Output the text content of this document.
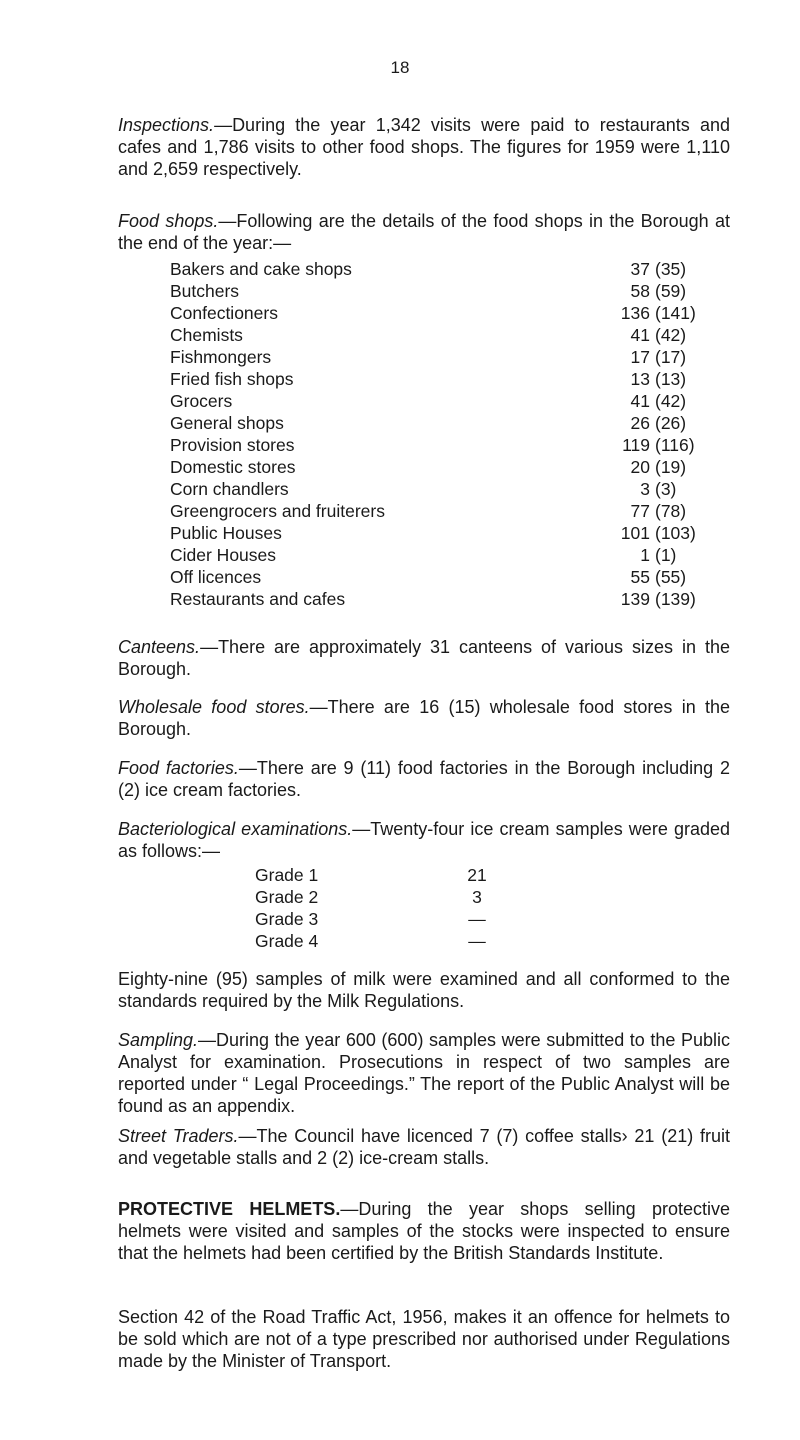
18

Inspections.—During the year 1,342 visits were paid to restaurants and cafes and 1,786 visits to other food shops. The figures for 1959 were 1,110 and 2,659 respectively.

Food shops.—Following are the details of the food shops in the Borough at the end of the year:—

Bakers and cake shops	37 (35)
Butchers	58 (59)
Confectioners	136 (141)
Chemists	41 (42)
Fishmongers	17 (17)
Fried fish shops	13 (13)
Grocers	41 (42)
General shops	26 (26)
Provision stores	119 (116)
Domestic stores	20 (19)
Corn chandlers	3 (3)
Greengrocers and fruiterers	77 (78)
Public Houses	101 (103)
Cider Houses	1 (1)
Off licences	55 (55)
Restaurants and cafes	139 (139)

Canteens.—There are approximately 31 canteens of various sizes in the Borough.

Wholesale food stores.—There are 16 (15) wholesale food stores in the Borough.

Food factories.—There are 9 (11) food factories in the Borough including 2 (2) ice cream factories.

Bacteriological examinations.—Twenty-four ice cream samples were graded as follows:—

Grade 1	21
Grade 2	3
Grade 3	—
Grade 4	—

Eighty-nine (95) samples of milk were examined and all conformed to the standards required by the Milk Regulations.

Sampling.—During the year 600 (600) samples were submitted to the Public Analyst for examination. Prosecutions in respect of two samples are reported under “ Legal Proceedings.” The report of the Public Analyst will be found as an appendix.

Street Traders.—The Council have licenced 7 (7) coffee stalls› 21 (21) fruit and vegetable stalls and 2 (2) ice-cream stalls.

PROTECTIVE HELMETS.—During the year shops selling protective helmets were visited and samples of the stocks were inspected to ensure that the helmets had been certified by the British Standards Institute.

Section 42 of the Road Traffic Act, 1956, makes it an offence for helmets to be sold which are not of a type prescribed nor authorised under Regulations made by the Minister of Transport.
